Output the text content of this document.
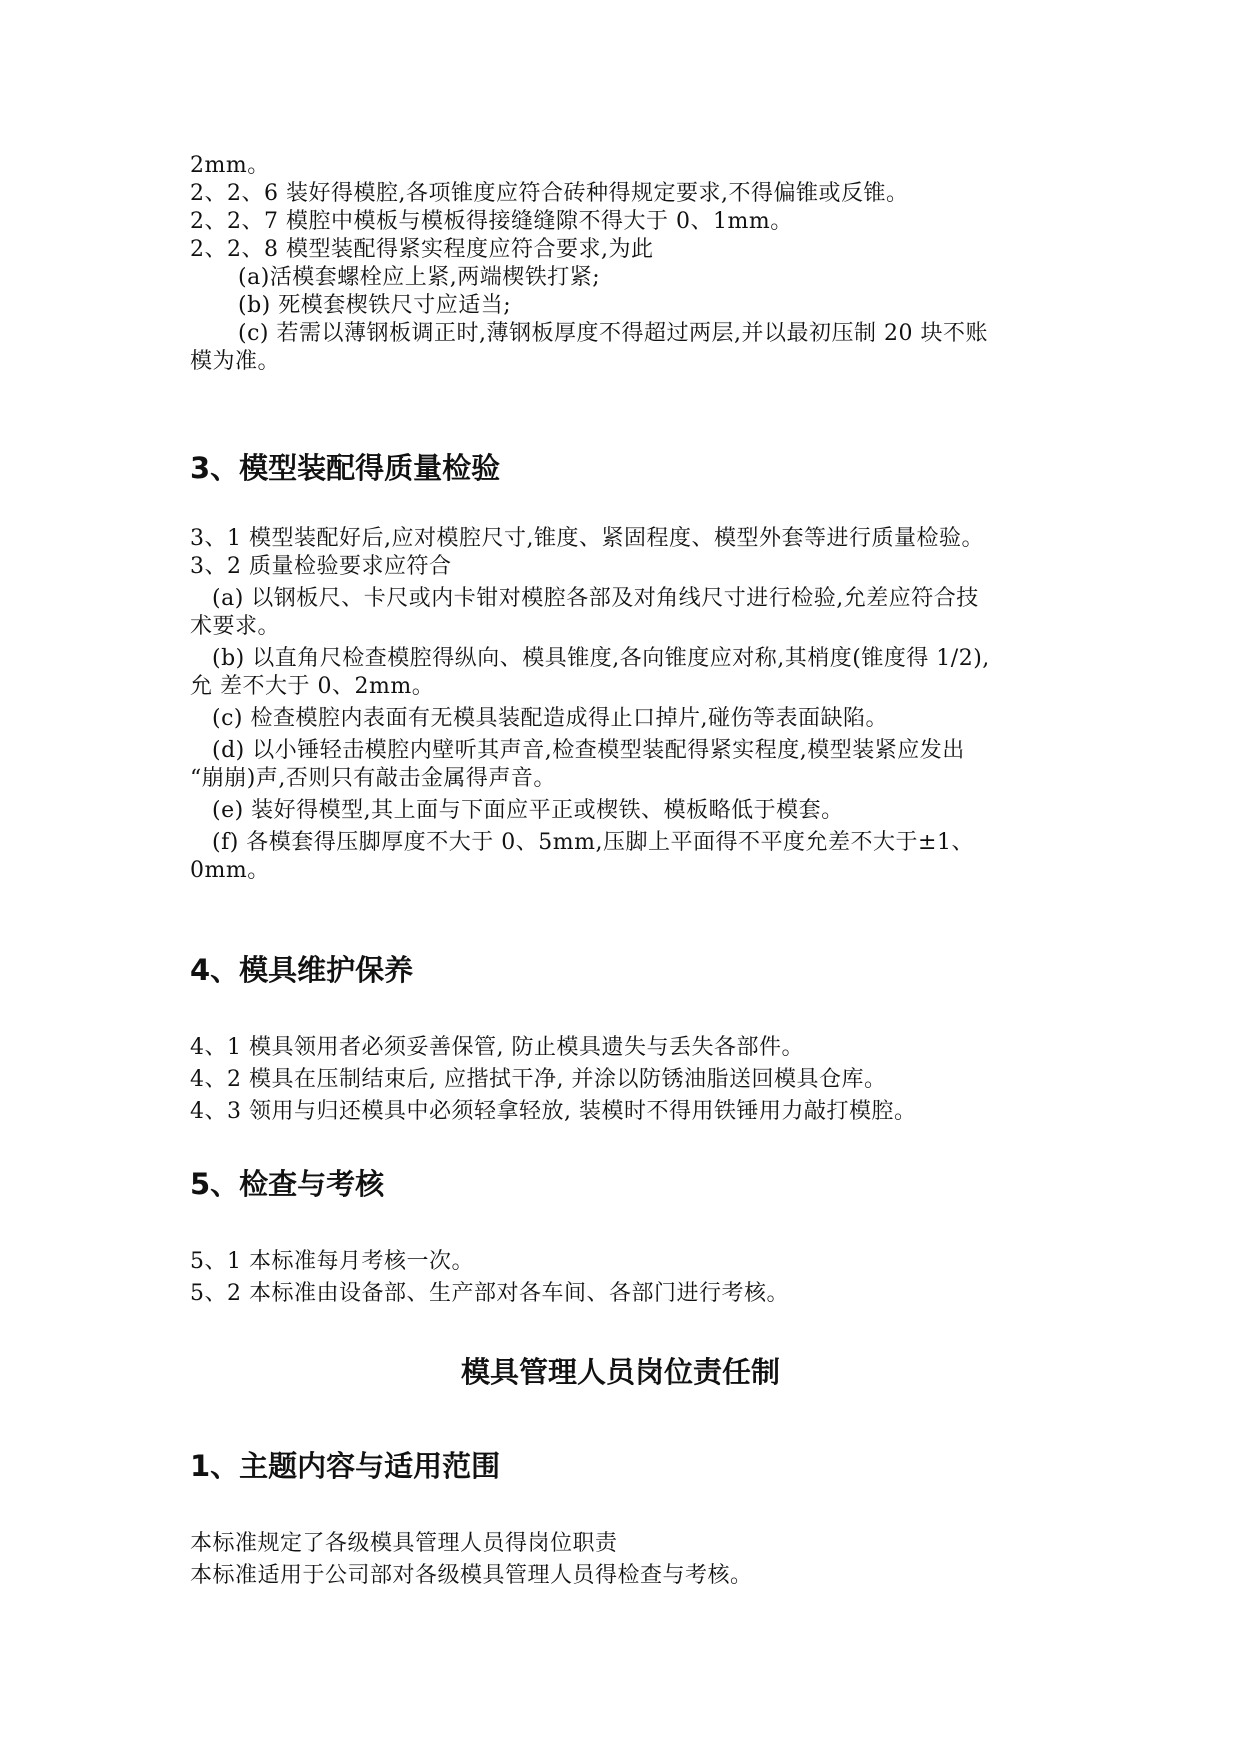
2mm。
2、2、6 装好得模腔,各项锥度应符合砖种得规定要求,不得偏锥或反锥。
2、2、7 模腔中模板与模板得接缝缝隙不得大于 0、1mm。
2、2、8 模型装配得紧实程度应符合要求,为此
(a)活模套螺栓应上紧,两端楔铁打紧;
(b) 死模套楔铁尺寸应适当;
(c) 若需以薄钢板调正时,薄钢板厚度不得超过两层,并以最初压制 20 块不账
模为准。
3、模型装配得质量检验
3、1 模型装配好后,应对模腔尺寸,锥度、紧固程度、模型外套等进行质量检验。
3、2 质量检验要求应符合
(a) 以钢板尺、卡尺或内卡钳对模腔各部及对角线尺寸进行检验,允差应符合技
术要求。
(b) 以直角尺检查模腔得纵向、模具锥度,各向锥度应对称,其梢度(锥度得 1/2),
允 差不大于 0、2mm。
(c) 检查模腔内表面有无模具装配造成得止口掉片,碰伤等表面缺陷。
(d) 以小锤轻击模腔内壁听其声音,检查模型装配得紧实程度,模型装紧应发出
“崩崩)声,否则只有敲击金属得声音。
(e) 装好得模型,其上面与下面应平正或楔铁、模板略低于模套。
(f) 各模套得压脚厚度不大于 0、5mm,压脚上平面得不平度允差不大于±1、
0mm。
4、模具维护保养
4、1 模具领用者必须妥善保管, 防止模具遗失与丢失各部件。
4、2 模具在压制结束后, 应揩拭干净, 并涂以防锈油脂送回模具仓库。
4、3 领用与归还模具中必须轻拿轻放, 装模时不得用铁锤用力敲打模腔。
5、检查与考核
5、1 本标准每月考核一次。
5、2 本标准由设备部、生产部对各车间、各部门进行考核。
模具管理人员岗位责任制
1、主题内容与适用范围
本标准规定了各级模具管理人员得岗位职责
本标准适用于公司部对各级模具管理人员得检查与考核。
